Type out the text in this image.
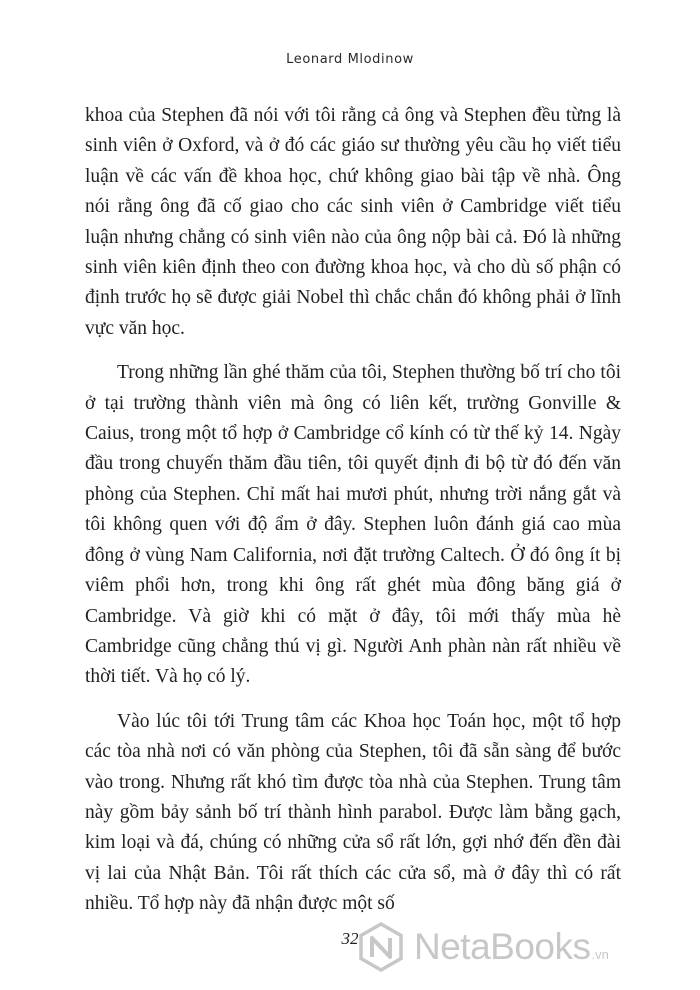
Leonard Mlodinow

khoa của Stephen đã nói với tôi rằng cả ông và Stephen đều từng là sinh viên ở Oxford, và ở đó các giáo sư thường yêu cầu họ viết tiểu luận về các vấn đề khoa học, chứ không giao bài tập về nhà. Ông nói rằng ông đã cố giao cho các sinh viên ở Cambridge viết tiểu luận nhưng chẳng có sinh viên nào của ông nộp bài cả. Đó là những sinh viên kiên định theo con đường khoa học, và cho dù số phận có định trước họ sẽ được giải Nobel thì chắc chắn đó không phải ở lĩnh vực văn học.

Trong những lần ghé thăm của tôi, Stephen thường bố trí cho tôi ở tại trường thành viên mà ông có liên kết, trường Gonville & Caius, trong một tổ hợp ở Cambridge cổ kính có từ thế kỷ 14. Ngày đầu trong chuyến thăm đầu tiên, tôi quyết định đi bộ từ đó đến văn phòng của Stephen. Chỉ mất hai mươi phút, nhưng trời nắng gắt và tôi không quen với độ ẩm ở đây. Stephen luôn đánh giá cao mùa đông ở vùng Nam California, nơi đặt trường Caltech. Ở đó ông ít bị viêm phổi hơn, trong khi ông rất ghét mùa đông băng giá ở Cambridge. Và giờ khi có mặt ở đây, tôi mới thấy mùa hè Cambridge cũng chẳng thú vị gì. Người Anh phàn nàn rất nhiều về thời tiết. Và họ có lý.

Vào lúc tôi tới Trung tâm các Khoa học Toán học, một tổ hợp các tòa nhà nơi có văn phòng của Stephen, tôi đã sẵn sàng để bước vào trong. Nhưng rất khó tìm được tòa nhà của Stephen. Trung tâm này gồm bảy sảnh bố trí thành hình parabol. Được làm bằng gạch, kim loại và đá, chúng có những cửa sổ rất lớn, gợi nhớ đến đền đài vị lai của Nhật Bản. Tôi rất thích các cửa sổ, mà ở đây thì có rất nhiều. Tổ hợp này đã nhận được một số

32	NetaBooks .vn
